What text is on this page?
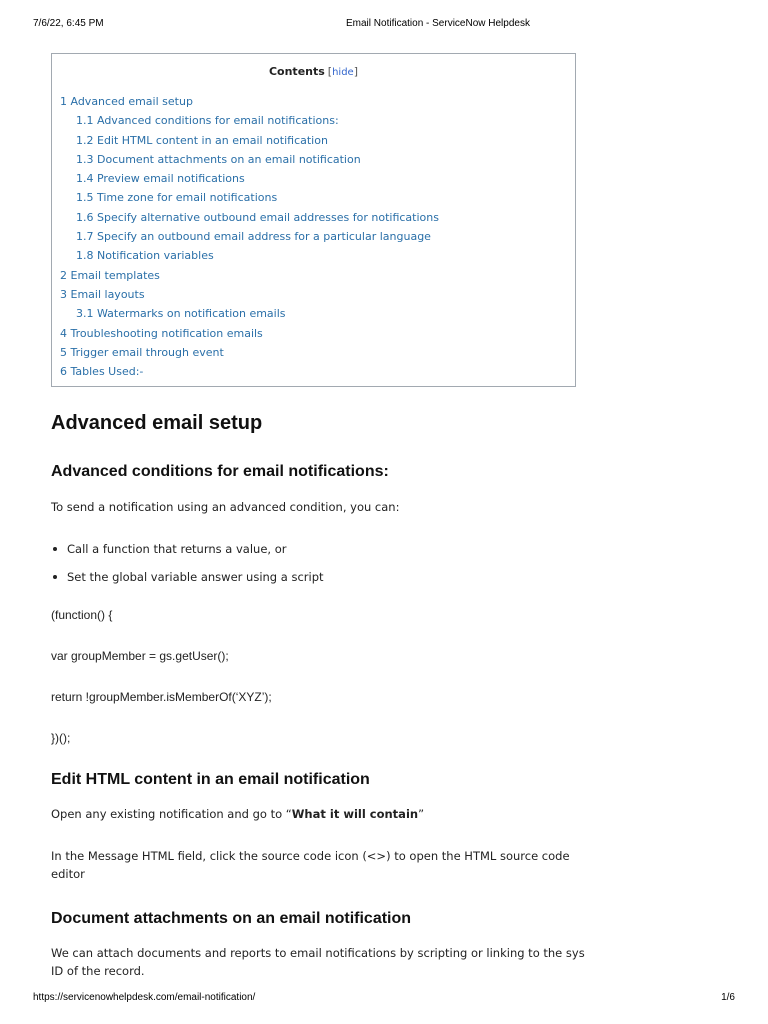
7/6/22, 6:45 PM	Email Notification - ServiceNow Helpdesk
Contents [hide]
1 Advanced email setup
1.1 Advanced conditions for email notifications:
1.2 Edit HTML content in an email notification
1.3 Document attachments on an email notification
1.4 Preview email notifications
1.5 Time zone for email notifications
1.6 Specify alternative outbound email addresses for notifications
1.7 Specify an outbound email address for a particular language
1.8 Notification variables
2 Email templates
3 Email layouts
3.1 Watermarks on notification emails
4 Troubleshooting notification emails
5 Trigger email through event
6 Tables Used:-
Advanced email setup
Advanced conditions for email notifications:

To send a notification using an advanced condition, you can:

Call a function that returns a value, or
Set the global variable answer using a script
(function() {
var groupMember = gs.getUser();
return !groupMember.isMemberOf(‘XYZ’);
})();
Edit HTML content in an email notification

Open any existing notification and go to “What it will contain”

In the Message HTML field, click the source code icon (<>) to open the HTML source code editor

Document attachments on an email notification

We can attach documents and reports to email notifications by scripting or linking to the sys ID of the record.

https://servicenowhelpdesk.com/email-notification/	1/6
